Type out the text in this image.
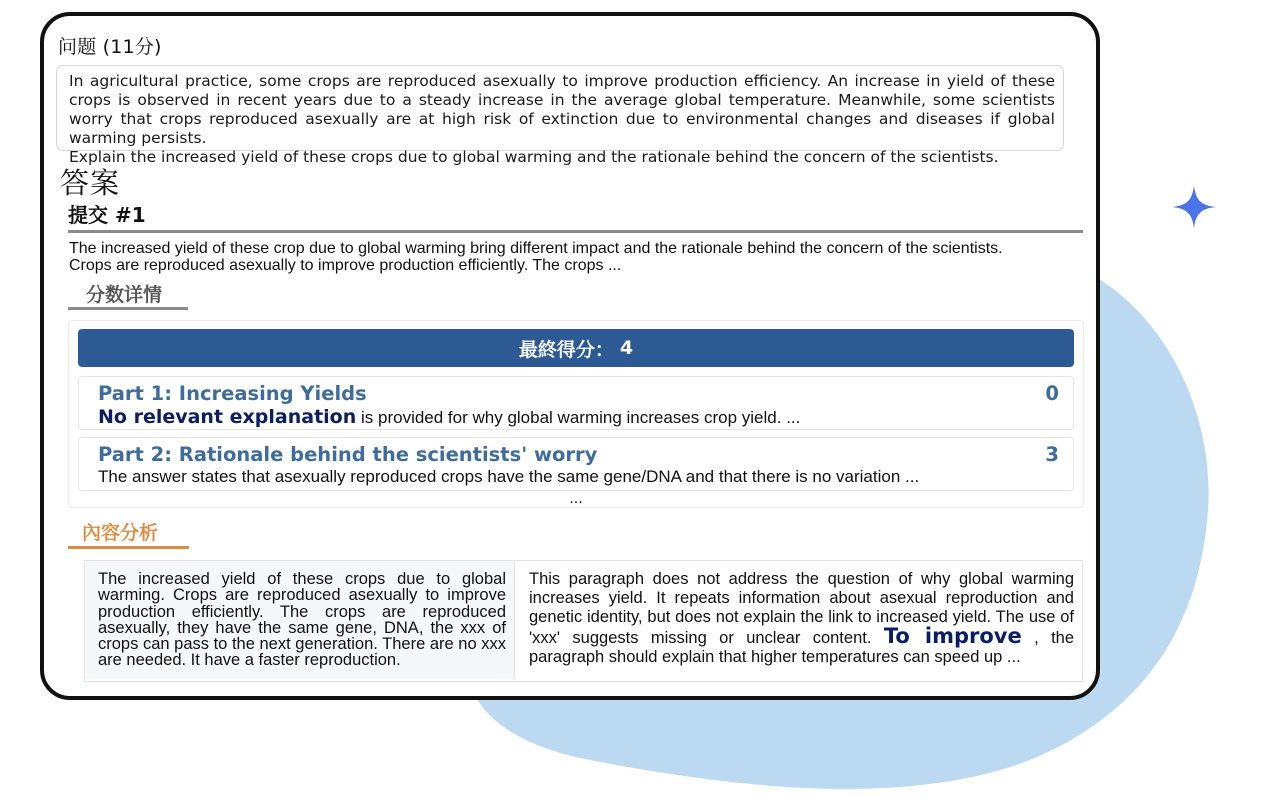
问题 (11分)

In agricultural practice, some crops are reproduced asexually to improve production efficiency. An increase in yield of these crops is observed in recent years due to a steady increase in the average global temperature. Meanwhile, some scientists worry that crops reproduced asexually are at high risk of extinction due to environmental changes and diseases if global warming persists.

Explain the increased yield of these crops due to global warming and the rationale behind the concern of the scientists.

答案
提交 #1

The increased yield of these crop due to global warming bring different impact and the rationale behind the concern of the scientists.

Crops are reproduced asexually to improve production efficiently. The crops ...

分数详情
最終得分： 4
Part 1: Increasing Yields	0
No relevant explanation is provided for why global warming increases crop yield. ...
Part 2: Rationale behind the scientists' worry	3
The answer states that asexually reproduced crops have the same gene/DNA and that there is no variation ...
...
內容分析
The increased yield of these crops due to global warming. Crops are reproduced asexually to improve production efficiently. The crops are reproduced asexually, they have the same gene, DNA, the xxx of crops can pass to the next generation. There are no xxx are needed. It have a faster reproduction.
This paragraph does not address the question of why global warming increases yield. It repeats information about asexual reproduction and genetic identity, but does not explain the link to increased yield. The use of 'xxx' suggests missing or unclear content. To improve , the paragraph should explain that higher temperatures can speed up ...
